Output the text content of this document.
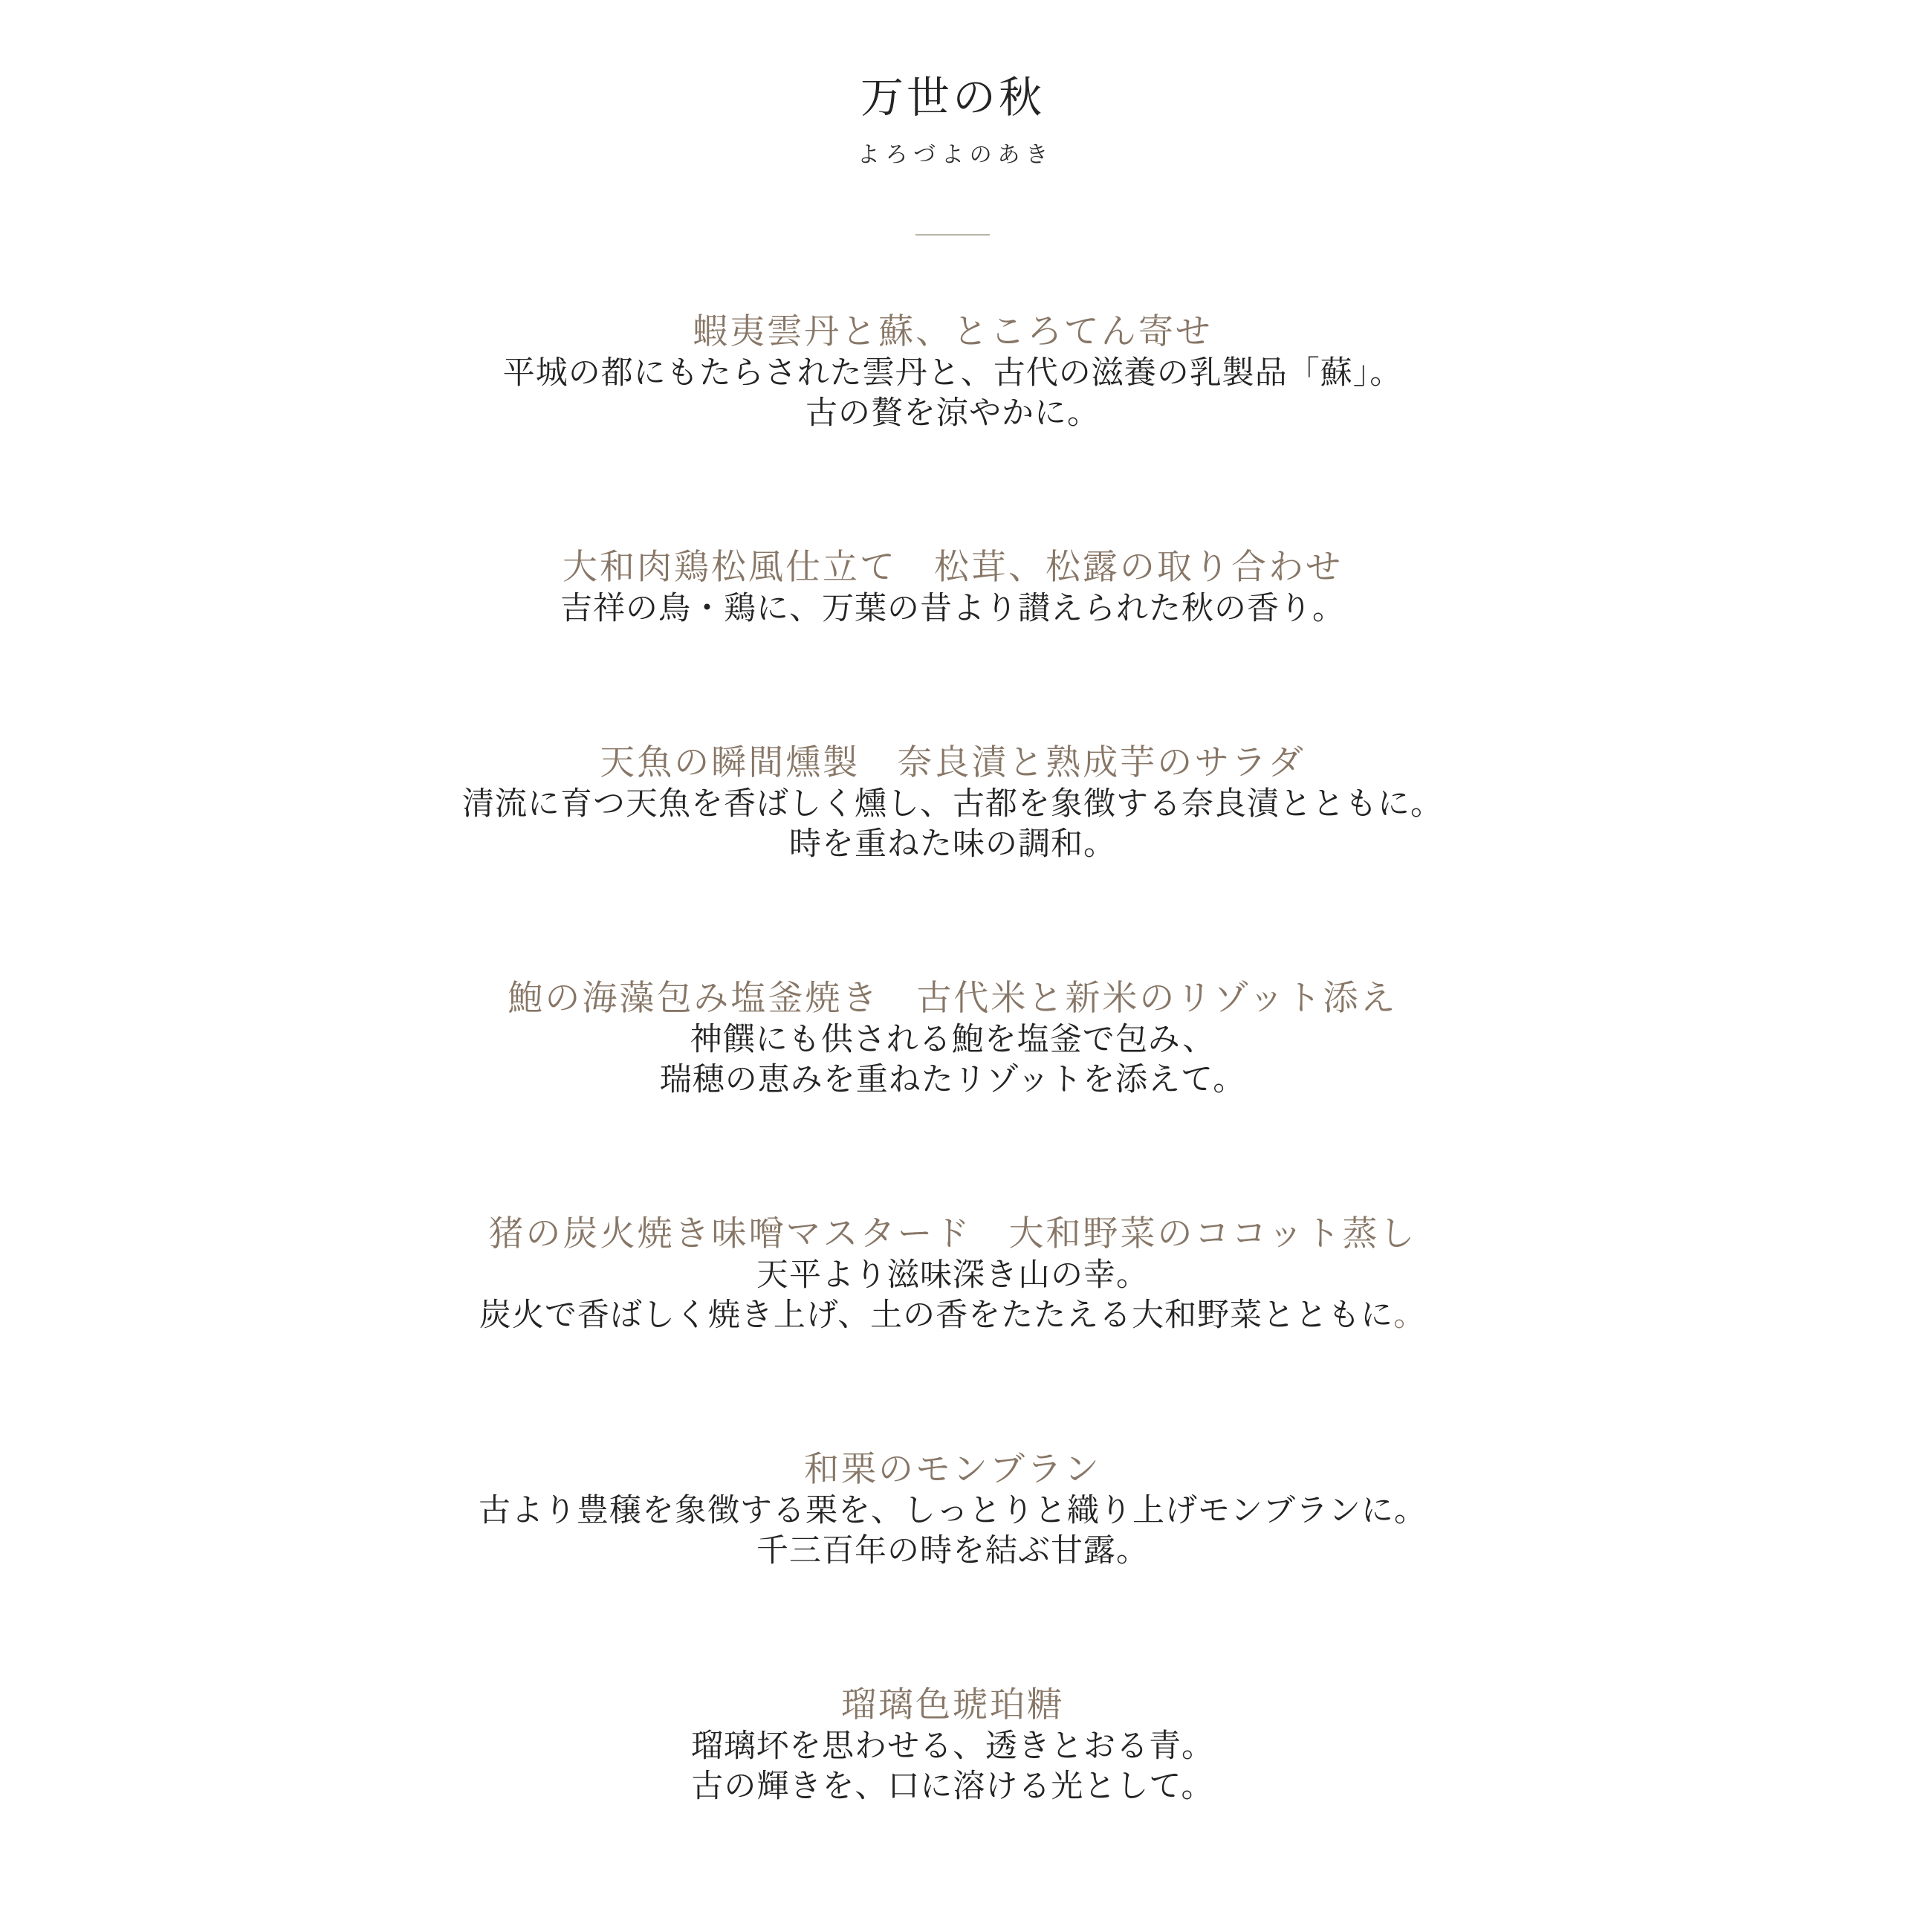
万世の秋
よろづよのあき
蝦夷雲丹と蘇、ところてん寄せ
平城の都にもたらされた雲丹と、古代の滋養の乳製品「蘇」。
古の贅を涼やかに。
大和肉鶏松風仕立て　松茸、松露の取り合わせ
吉祥の鳥・鶏に、万葉の昔より讃えられた秋の香り。
天魚の瞬間燻製　奈良漬と熟成芋のサラダ
清流に育つ天魚を香ばしく燻し、古都を象徴する奈良漬とともに。
時を重ねた味の調和。
鮑の海藻包み塩釜焼き　古代米と新米のリゾット添え
神饌にも供される鮑を塩釜で包み、
瑞穂の恵みを重ねたリゾットを添えて。
猪の炭火焼き味噌マスタード　大和野菜のココット蒸し
天平より滋味深き山の幸。
炭火で香ばしく焼き上げ、土の香をたたえる大和野菜とともに。
和栗のモンブラン
古より豊穣を象徴する栗を、しっとりと織り上げモンブランに。
千三百年の時を結ぶ甘露。
瑠璃色琥珀糖
瑠璃坏を思わせる、透きとおる青。
古の輝きを、口に溶ける光として。
